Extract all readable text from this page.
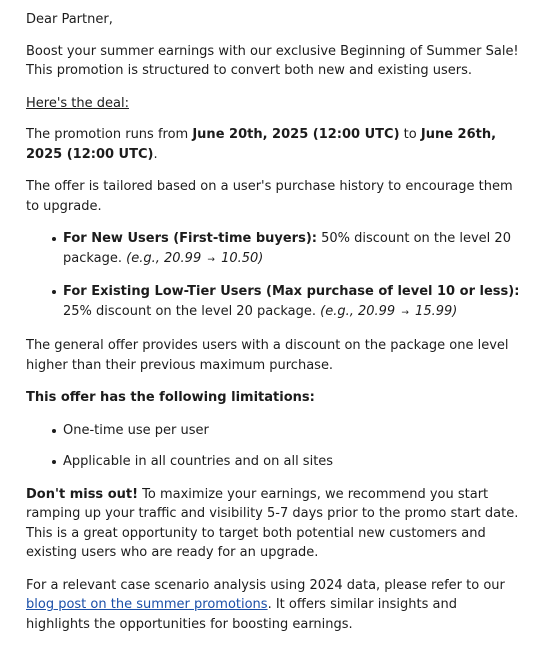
Dear Partner,

Boost your summer earnings with our exclusive Beginning of Summer Sale! This promotion is structured to convert both new and existing users.

Here's the deal:

The promotion runs from June 20th, 2025 (12:00 UTC) to June 26th, 2025 (12:00 UTC).

The offer is tailored based on a user's purchase history to encourage them to upgrade.

For New Users (First-time buyers): 50% discount on the level 20 package. (e.g., 20.99 → 10.50)
For Existing Low-Tier Users (Max purchase of level 10 or less): 25% discount on the level 20 package. (e.g., 20.99 → 15.99)

The general offer provides users with a discount on the package one level higher than their previous maximum purchase.

This offer has the following limitations:

One-time use per user
Applicable in all countries and on all sites

Don't miss out! To maximize your earnings, we recommend you start ramping up your traffic and visibility 5-7 days prior to the promo start date. This is a great opportunity to target both potential new customers and existing users who are ready for an upgrade.

For a relevant case scenario analysis using 2024 data, please refer to our blog post on the summer promotions. It offers similar insights and highlights the opportunities for boosting earnings.
